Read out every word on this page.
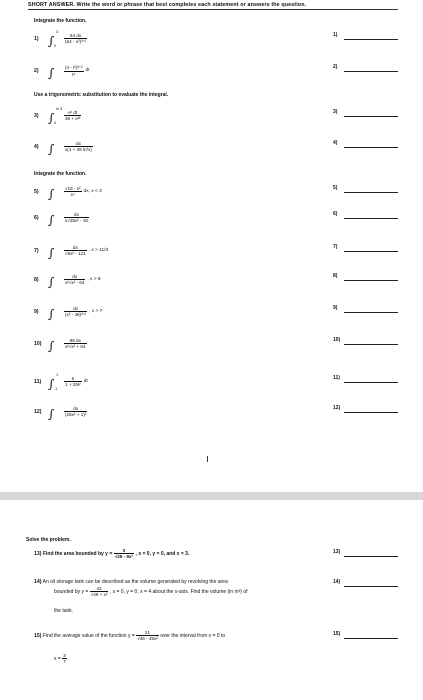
SHORT ANSWER. Write the word or phrase that best completes each statement or answers the question.
Integrate the function.
1) ∫
3
0
$\frac{64 dx}{\text{(64 - x²)³ᐟ²}}$	1)
2) ∫ $\frac{\text{(4 - t²)³ᐟ²}}{\text{t⁶}}$ dt
2)
3) ∫
ln 3
0
$\frac{\text{eᵗ dt}}{\text{36 + e²ᵗ}}$	3)
4) ∫ $\frac{dx}{\text{x(1 + 49 ln²x)}}$	4)
5) ∫ $\frac{\text{√16 - x²}}{\text{x⁴}}$ dx, x < 4
5)
6) ∫ $\frac{dx}{\text{x√25x² - 16}}$	6)
7) ∫ $\frac{dx}{\text{√9x² - 121}}$ , x > 11/3
7)
8) ∫ $\frac{dx}{\text{x²√x² - 64}}$ , x > 8
8)
9) ∫ $\frac{dx}{\text{(x² - 49)³ᐟ²}}$ , x > 7
9)
10) ∫ $\frac{88 dx}{\text{x²√x² + 64}}$	10)
11) ∫
1
-1
$\frac{5}{\text{1 + 25t²}}$ dt
11)
12) ∫ $\frac{dx}{\text{(25x² + 1)²}}$	12)
Use a trigonometric substitution to evaluate the integral.
Integrate the function.
Solve the problem.
13) Find the area bounded by $y = \frac{3}{\text{√25 - 9x²}}$ , x = 0, y = 0, and x = 3.	13)
14) An oil storage tank can be described as the volume generated by revolving the area
bounded by $y = \frac{42}{\text{√49 + x²}}$ , x = 0, y = 0, x = 4 about the x-axis. Find the volume (in m³) of
the tank.
14)
15) Find the average value of the function $y = \frac{21}{\text{√36 - 49x²}}$ over the interval from x = 0 to
$x = \frac{3}{7}$ .
15)
